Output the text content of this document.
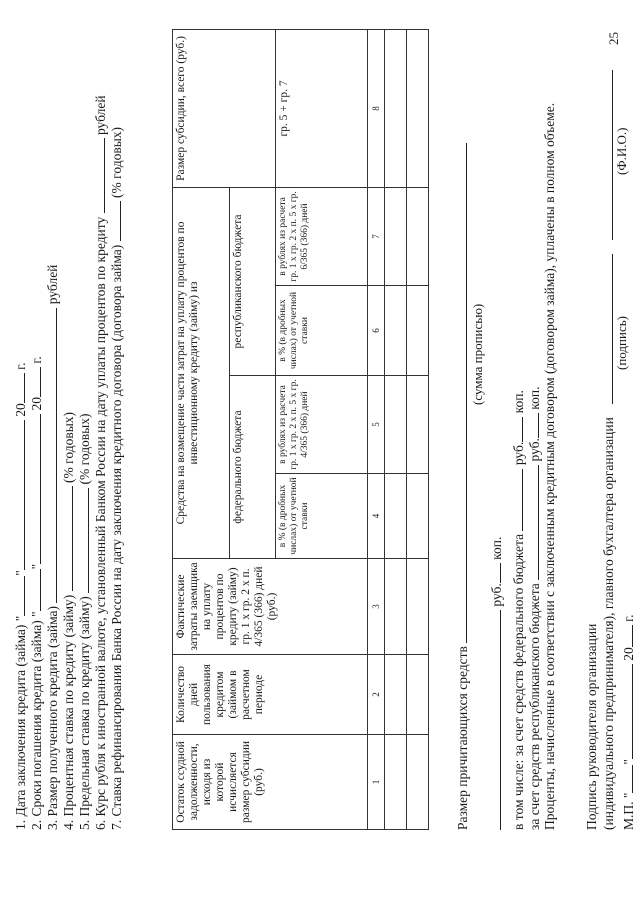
1. Дата заключения кредита (займа) "" 20 г.
2. Сроки погашения кредита (займа) "" 20 г.
3. Размер полученного кредита (займа)  рублей
4. Процентная ставка по кредиту (займу)  (% годовых)
5. Предельная ставка по кредиту (займу)  (% годовых)
6. Курс рубля к иностранной валюте, установленный Банком России на дату уплаты процентов по кредиту  рублей
7. Ставка рефинансирования Банка России на дату заключения кредитного договора (договора займа)  (% годовых)
Остаток ссудной задолженности, исходя из которой исчисляется размер субсидии (руб.)	Количество дней пользования кредитом (займом в расчетном периоде	Фактические затраты заемщика на уплату процентов по кредиту (займу) гр. 1 х гр. 2 х п. 4/365 (366) дней (руб.)	Средства на возмещение части затрат на уплату процентов по инвестиционному кредиту (займу) из				Размер субсидии, всего (руб.)
			федерального бюджета		республиканского бюджета		
			в % (в дробных числах) от учетной ставки	в рублях из расчета гр. 1 х гр. 2 х п. 5 х гр. 4/365 (366) дней	в % (в дробных числах) от учетной ставки	в рублях из расчета гр. 1 х гр. 2 х п. 5 х гр. 6/365 (366) дней	гр. 5 + гр. 7
1	2	3	4	5	6	7	8

Размер причитающихся средств
(сумма прописью)
руб. коп. в том числе: за счет средств федерального бюджета  руб. коп.
за счет средств республиканского бюджета  руб. коп. Проценты, начисленные в соответствии с заключенным кредитным договором (договором займа), уплачены в полном объеме. Подпись руководителя организации (индивидуального предпринимателя), главного бухгалтера организации
(подпись)
(Ф.И.О.)
М.П. "" 20 г.
25
